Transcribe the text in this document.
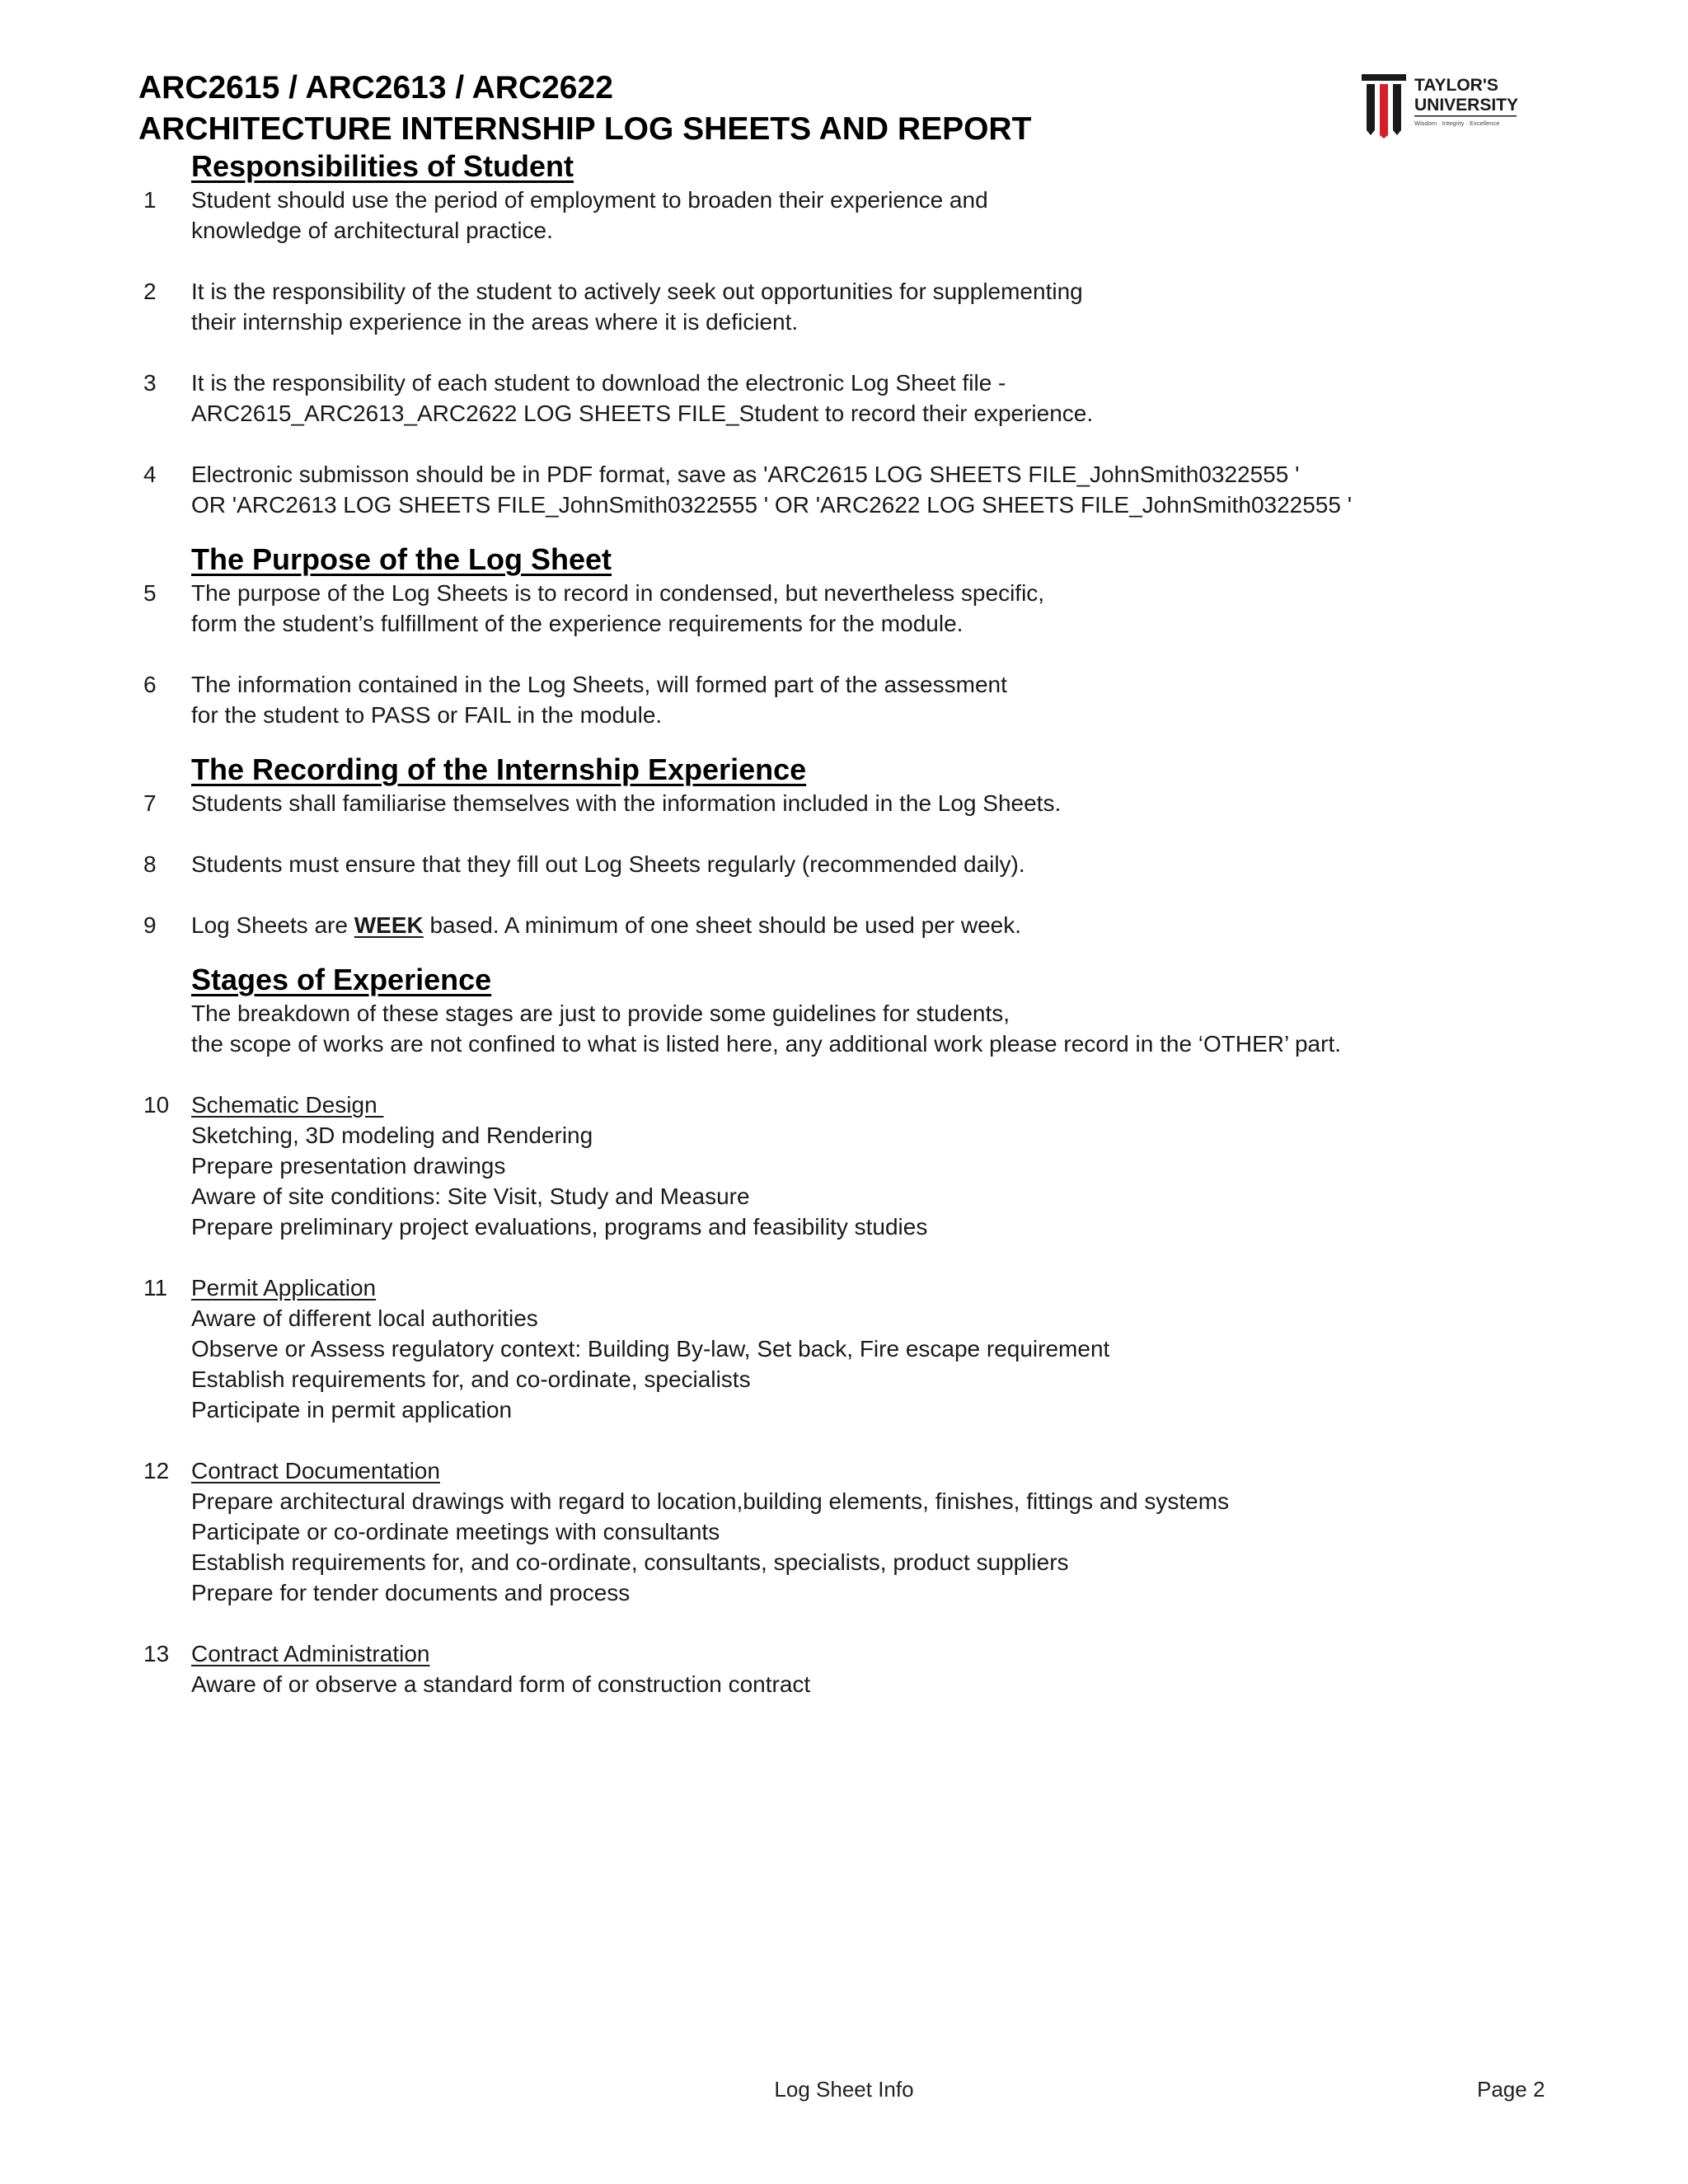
ARC2615 / ARC2613 / ARC2622
ARCHITECTURE INTERNSHIP LOG SHEETS AND REPORT
TAYLOR'S
UNIVERSITY
Wisdom · Integrity · Excellence
Responsibilities of Student
1	Student should use the period of employment to broaden their experience and
knowledge of architectural practice.
2	It is the responsibility of the student to actively seek out opportunities for supplementing
their internship experience in the areas where it is deficient.
3	It is the responsibility of each student to download the electronic Log Sheet file -
ARC2615_ARC2613_ARC2622 LOG SHEETS FILE_Student to record their experience.
4	Electronic submisson should be in PDF format, save as 'ARC2615 LOG SHEETS FILE_JohnSmith0322555 '
OR 'ARC2613 LOG SHEETS FILE_JohnSmith0322555 ' OR 'ARC2622 LOG SHEETS FILE_JohnSmith0322555 '
The Purpose of the Log Sheet
5	The purpose of the Log Sheets is to record in condensed, but nevertheless specific,
form the student’s fulfillment of the experience requirements for the module.
6	The information contained in the Log Sheets, will formed part of the assessment
for the student to PASS or FAIL in the module.
The Recording of the Internship Experience
7	Students shall familiarise themselves with the information included in the Log Sheets.
8	Students must ensure that they fill out Log Sheets regularly (recommended daily).
9	Log Sheets are WEEK based. A minimum of one sheet should be used per week.
Stages of Experience
The breakdown of these stages are just to provide some guidelines for students,
the scope of works are not confined to what is listed here, any additional work please record in the ‘OTHER’ part.
10 Schematic Design
Sketching, 3D modeling and Rendering
Prepare presentation drawings
Aware of site conditions: Site Visit, Study and Measure
Prepare preliminary project evaluations, programs and feasibility studies
11	Permit Application
Aware of different local authorities
Observe or Assess regulatory context: Building By-law, Set back, Fire escape requirement
Establish requirements for, and co-ordinate, specialists
Participate in permit application
12 Contract Documentation
Prepare architectural drawings with regard to location,building elements, finishes, fittings and systems
Participate or co-ordinate meetings with consultants
Establish requirements for, and co-ordinate, consultants, specialists, product suppliers
Prepare for tender documents and process
13 Contract Administration
Aware of or observe a standard form of construction contract
Log Sheet Info	Page 2
